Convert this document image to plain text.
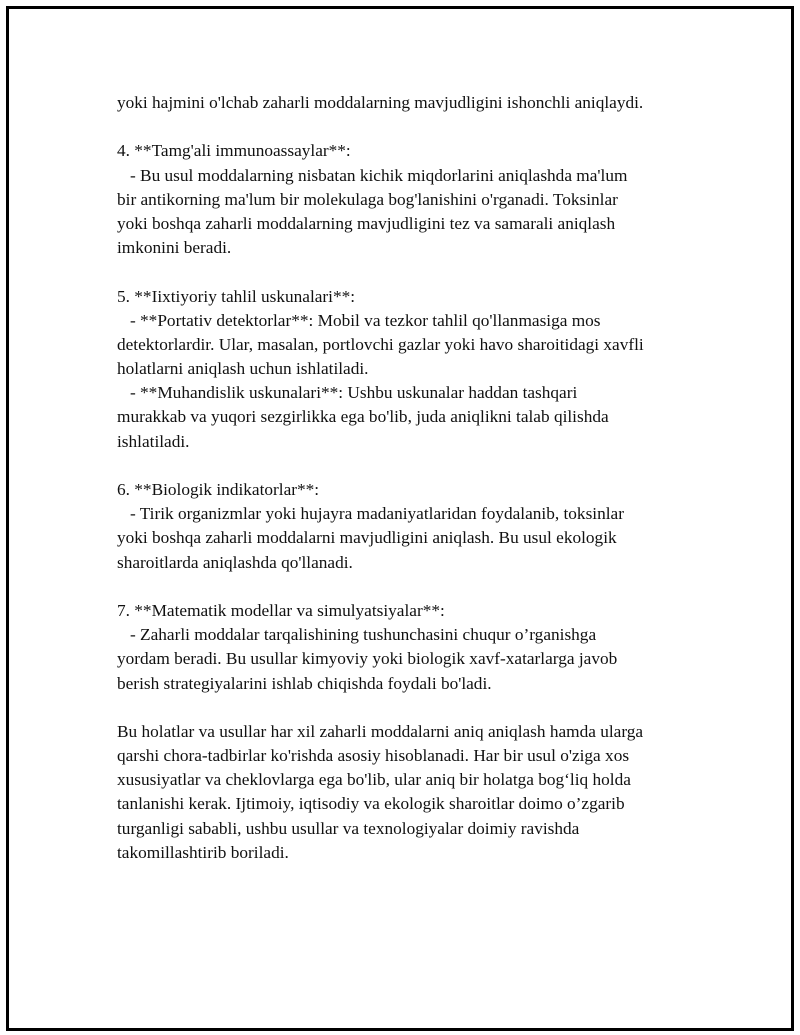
yoki hajmini o'lchab zaharli moddalarning mavjudligini ishonchli aniqlaydi.
4. **Tamg'ali immunoassaylar**:
- Bu usul moddalarning nisbatan kichik miqdorlarini aniqlashda ma'lum
bir antikorning ma'lum bir molekulaga bog'lanishini o'rganadi. Toksinlar
yoki boshqa zaharli moddalarning mavjudligini tez va samarali aniqlash
imkonini beradi.
5. **Iixtiyoriy tahlil uskunalari**:
- **Portativ detektorlar**: Mobil va tezkor tahlil qo'llanmasiga mos
detektorlardir. Ular, masalan, portlovchi gazlar yoki havo sharoitidagi xavfli
holatlarni aniqlash uchun ishlatiladi.
- **Muhandislik uskunalari**: Ushbu uskunalar haddan tashqari
murakkab va yuqori sezgirlikka ega bo'lib, juda aniqlikni talab qilishda
ishlatiladi.
6. **Biologik indikatorlar**:
- Tirik organizmlar yoki hujayra madaniyatlaridan foydalanib, toksinlar
yoki boshqa zaharli moddalarni mavjudligini aniqlash. Bu usul ekologik
sharoitlarda aniqlashda qo'llanadi.
7. **Matematik modellar va simulyatsiyalar**:
- Zaharli moddalar tarqalishining tushunchasini chuqur o’rganishga
yordam beradi. Bu usullar kimyoviy yoki biologik xavf-xatarlarga javob
berish strategiyalarini ishlab chiqishda foydali bo'ladi.
Bu holatlar va usullar har xil zaharli moddalarni aniq aniqlash hamda ularga
qarshi chora-tadbirlar ko'rishda asosiy hisoblanadi. Har bir usul o'ziga xos
xususiyatlar va cheklovlarga ega bo'lib, ular aniq bir holatga bog‘liq holda
tanlanishi kerak. Ijtimoiy, iqtisodiy va ekologik sharoitlar doimo o’zgarib
turganligi sababli, ushbu usullar va texnologiyalar doimiy ravishda
takomillashtirib boriladi.
